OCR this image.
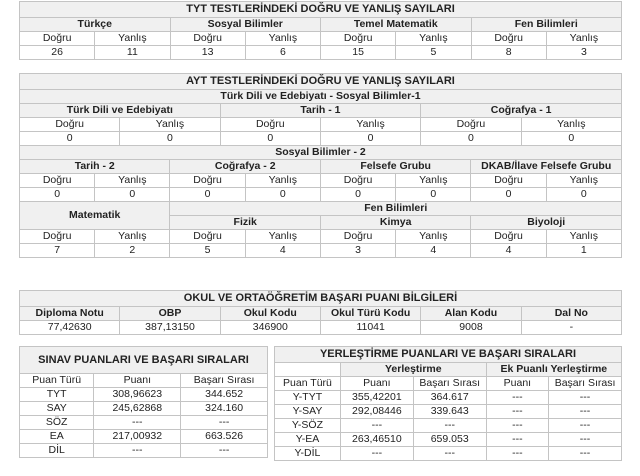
TYT TESTLERİNDEKİ DOĞRU VE YANLIŞ SAYILARI							
Türkçe		Sosyal Bilimler		Temel Matematik		Fen Bilimleri	
Doğru	Yanlış	Doğru	Yanlış	Doğru	Yanlış	Doğru	Yanlış
26	11	13	6	15	5	8	3
AYT TESTLERİNDEKİ DOĞRU VE YANLIŞ SAYILARI											
Türk Dili ve Edebiyatı - Sosyal Bilimler-1											
Türk Dili ve Edebiyatı				Tarih - 1				Coğrafya - 1			
Doğru		Yanlış		Doğru		Yanlış		Doğru		Yanlış	
0		0		0		0		0		0	
Sosyal Bilimler - 2											
Tarih - 2			Coğrafya - 2			Felsefe Grubu			DKAB/İlave Felsefe Grubu		
Doğru	Yanlış		Doğru		Yanlış	Doğru	Yanlış		Doğru		Yanlış
0	0		0		0	0	0		0		0
Matematik			Fen Bilimleri								
			Fizik			Kimya			Biyoloji		
Doğru	Yanlış		Doğru		Yanlış	Doğru	Yanlış		Doğru		Yanlış
7	2		5		4	3	4		4		1
OKUL VE ORTAÖĞRETİM BAŞARI PUANI BİLGİLERİ					
Diploma Notu	OBP	Okul Kodu	Okul Türü Kodu	Alan Kodu	Dal No
77,42630	387,13150	346900	11041	9008	-
SINAV PUANLARI VE BAŞARI SIRALARI		
Puan Türü	Puanı	Başarı Sırası
TYT	308,96623	344.652
SAY	245,62868	324.160
SÖZ	---	---
EA	217,00932	663.526
DİL	---	---
YERLEŞTİRME PUANLARI VE BAŞARI SIRALARI				
	Yerleştirme		Ek Puanlı Yerleştirme	
Puan Türü	Puanı	Başarı Sırası	Puanı	Başarı Sırası
Y-TYT	355,42201	364.617	---	---
Y-SAY	292,08446	339.643	---	---
Y-SÖZ	---	---	---	---
Y-EA	263,46510	659.053	---	---
Y-DİL	---	---	---	---
